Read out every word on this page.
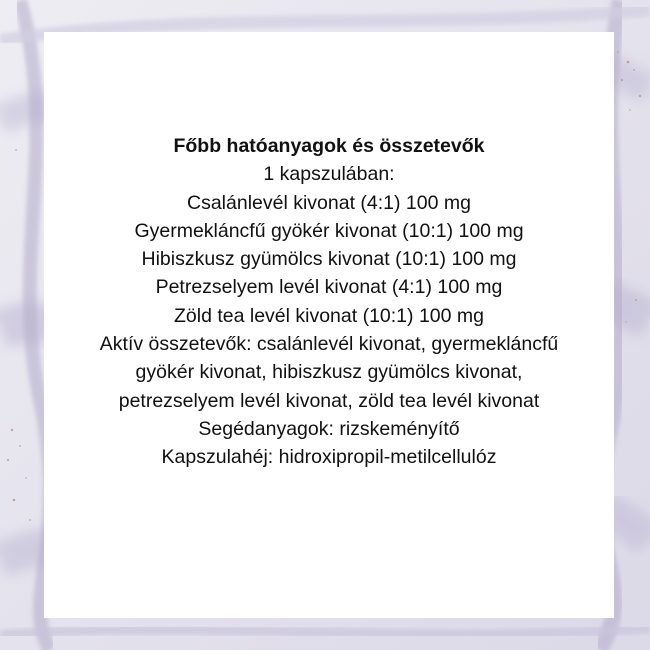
Főbb hatóanyagok és összetevők
1 kapszulában:
Csalánlevél kivonat (4:1) 100 mg
Gyermekláncfű gyökér kivonat (10:1) 100 mg
Hibiszkusz gyümölcs kivonat (10:1) 100 mg
Petrezselyem levél kivonat (4:1) 100 mg
Zöld tea levél kivonat (10:1) 100 mg
Aktív összetevők: csalánlevél kivonat, gyermekláncfű
gyökér kivonat, hibiszkusz gyümölcs kivonat,
petrezselyem levél kivonat, zöld tea levél kivonat
Segédanyagok: rizskeményítő
Kapszulahéj: hidroxipropil-metilcellulóz
